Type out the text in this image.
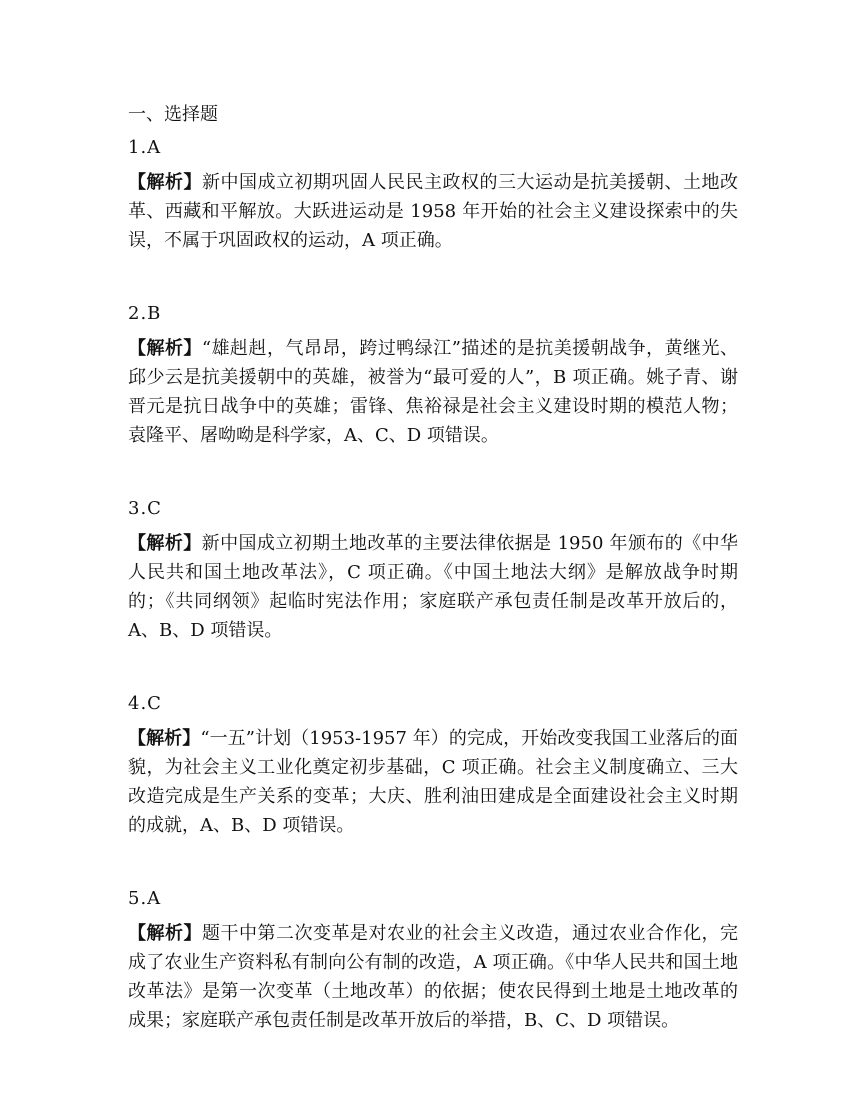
一、选择题

1.A

【解析】新中国成立初期巩固人民民主政权的三大运动是抗美援朝、土地改革、西藏和平解放。大跃进运动是 1958 年开始的社会主义建设探索中的失误，不属于巩固政权的运动，A 项正确。

2.B

【解析】“雄赳赳，气昂昂，跨过鸭绿江”描述的是抗美援朝战争，黄继光、邱少云是抗美援朝中的英雄，被誉为“最可爱的人”，B 项正确。姚子青、谢晋元是抗日战争中的英雄；雷锋、焦裕禄是社会主义建设时期的模范人物；袁隆平、屠呦呦是科学家，A、C、D 项错误。

3.C

【解析】新中国成立初期土地改革的主要法律依据是 1950 年颁布的《中华人民共和国土地改革法》，C 项正确。《中国土地法大纲》是解放战争时期的；《共同纲领》起临时宪法作用；家庭联产承包责任制是改革开放后的，A、B、D 项错误。

4.C

【解析】“一五”计划（1953-1957 年）的完成，开始改变我国工业落后的面貌，为社会主义工业化奠定初步基础，C 项正确。社会主义制度确立、三大改造完成是生产关系的变革；大庆、胜利油田建成是全面建设社会主义时期的成就，A、B、D 项错误。

5.A

【解析】题干中第二次变革是对农业的社会主义改造，通过农业合作化，完成了农业生产资料私有制向公有制的改造，A 项正确。《中华人民共和国土地改革法》是第一次变革（土地改革）的依据；使农民得到土地是土地改革的成果；家庭联产承包责任制是改革开放后的举措，B、C、D 项错误。
